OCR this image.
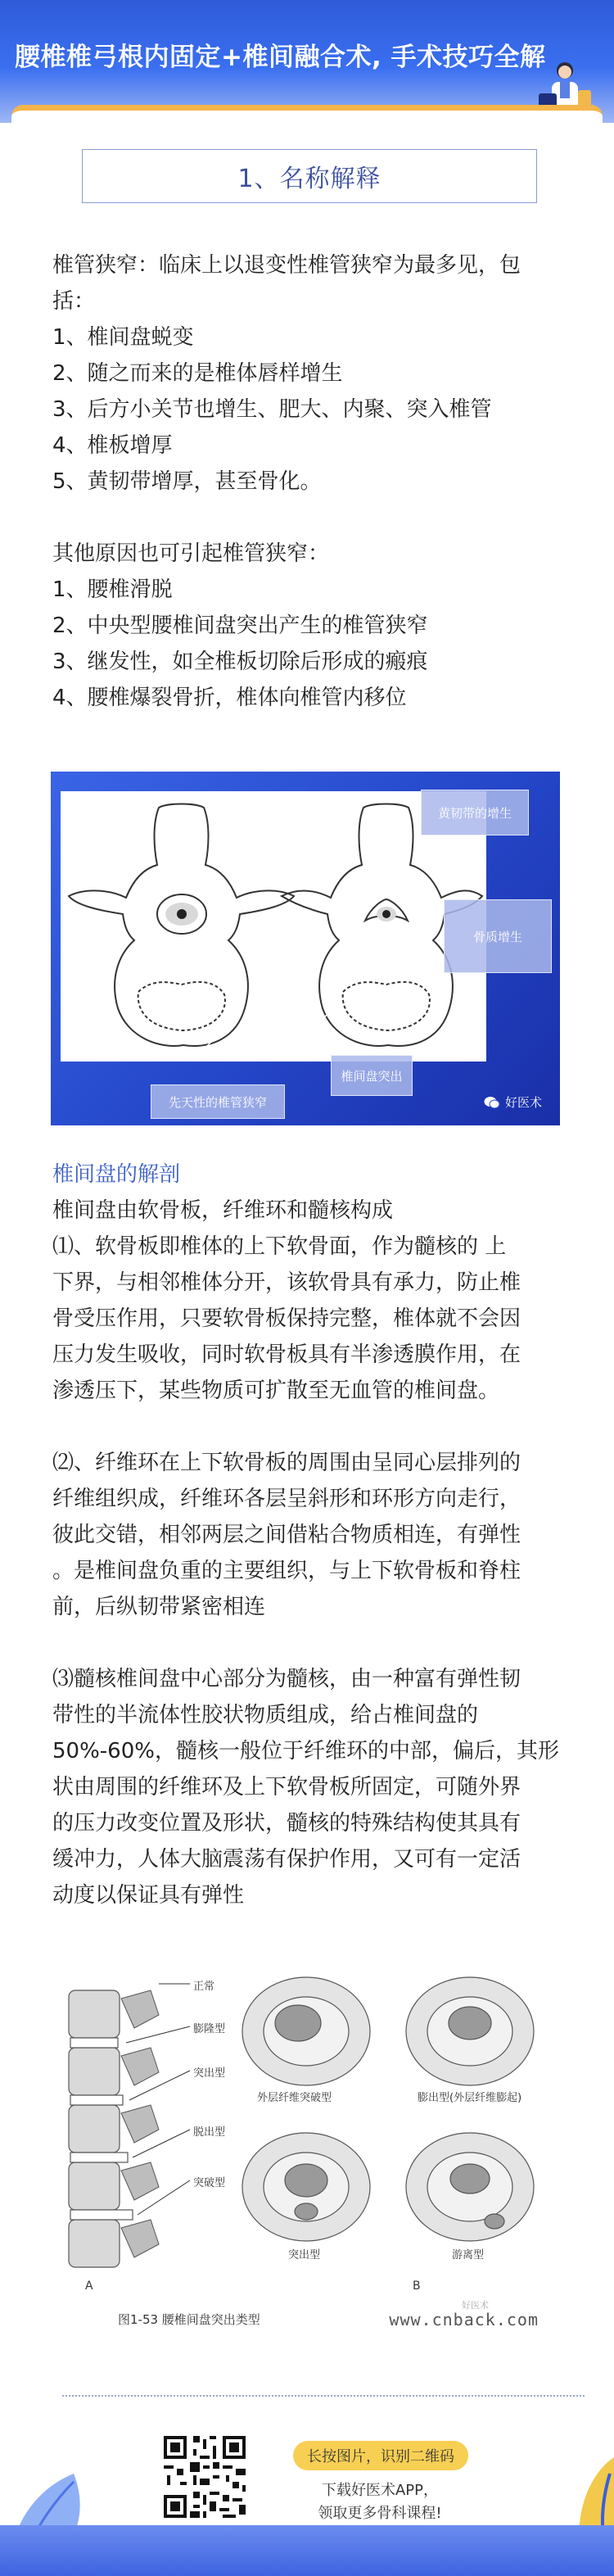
腰椎椎弓根内固定+椎间融合术, 手术技巧全解
1、名称解释

椎管狭窄：临床上以退变性椎管狭窄为最多见，包

括：

1、椎间盘蜕变

2、随之而来的是椎体唇样增生

3、后方小关节也增生、肥大、内聚、突入椎管

4、椎板增厚

5、黄韧带增厚，甚至骨化。

其他原因也可引起椎管狭窄：

1、腰椎滑脱

2、中央型腰椎间盘突出产生的椎管狭窄

3、继发性，如全椎板切除后形成的瘢痕

4、腰椎爆裂骨折，椎体向椎管内移位

黄韧带的增生
骨质增生
椎间盘突出
先天性的椎管狭窄	好医术

椎间盘的解剖

椎间盘由软骨板，纤维环和髓核构成

⑴、软骨板即椎体的上下软骨面，作为髓核的 上

下界，与相邻椎体分开，该软骨具有承力，防止椎

骨受压作用，只要软骨板保持完整，椎体就不会因

压力发生吸收，同时软骨板具有半渗透膜作用，在

渗透压下，某些物质可扩散至无血管的椎间盘。

⑵、纤维环在上下软骨板的周围由呈同心层排列的

纤维组织成，纤维环各层呈斜形和环形方向走行，

彼此交错，相邻两层之间借粘合物质相连，有弹性

。是椎间盘负重的主要组织，与上下软骨板和脊柱

前，后纵韧带紧密相连

⑶髓核椎间盘中心部分为髓核，由一种富有弹性韧

带性的半流体性胶状物质组成，给占椎间盘的

50%-60%，髓核一般位于纤维环的中部，偏后，其形

状由周围的纤维环及上下软骨板所固定，可随外界

的压力改变位置及形状，髓核的特殊结构使其具有

缓冲力，人体大脑震荡有保护作用，又可有一定活

动度以保证具有弹性

A	B
好医术
正常
膨隆型
突出型
脱出型
突破型
外层纤维突破型	膨出型(外层纤维膨起)
突出型	游离型
图1-53 腰椎间盘突出类型	www.cnback.com
长按图片，识别二维码
下载好医术APP，
领取更多骨科课程!
